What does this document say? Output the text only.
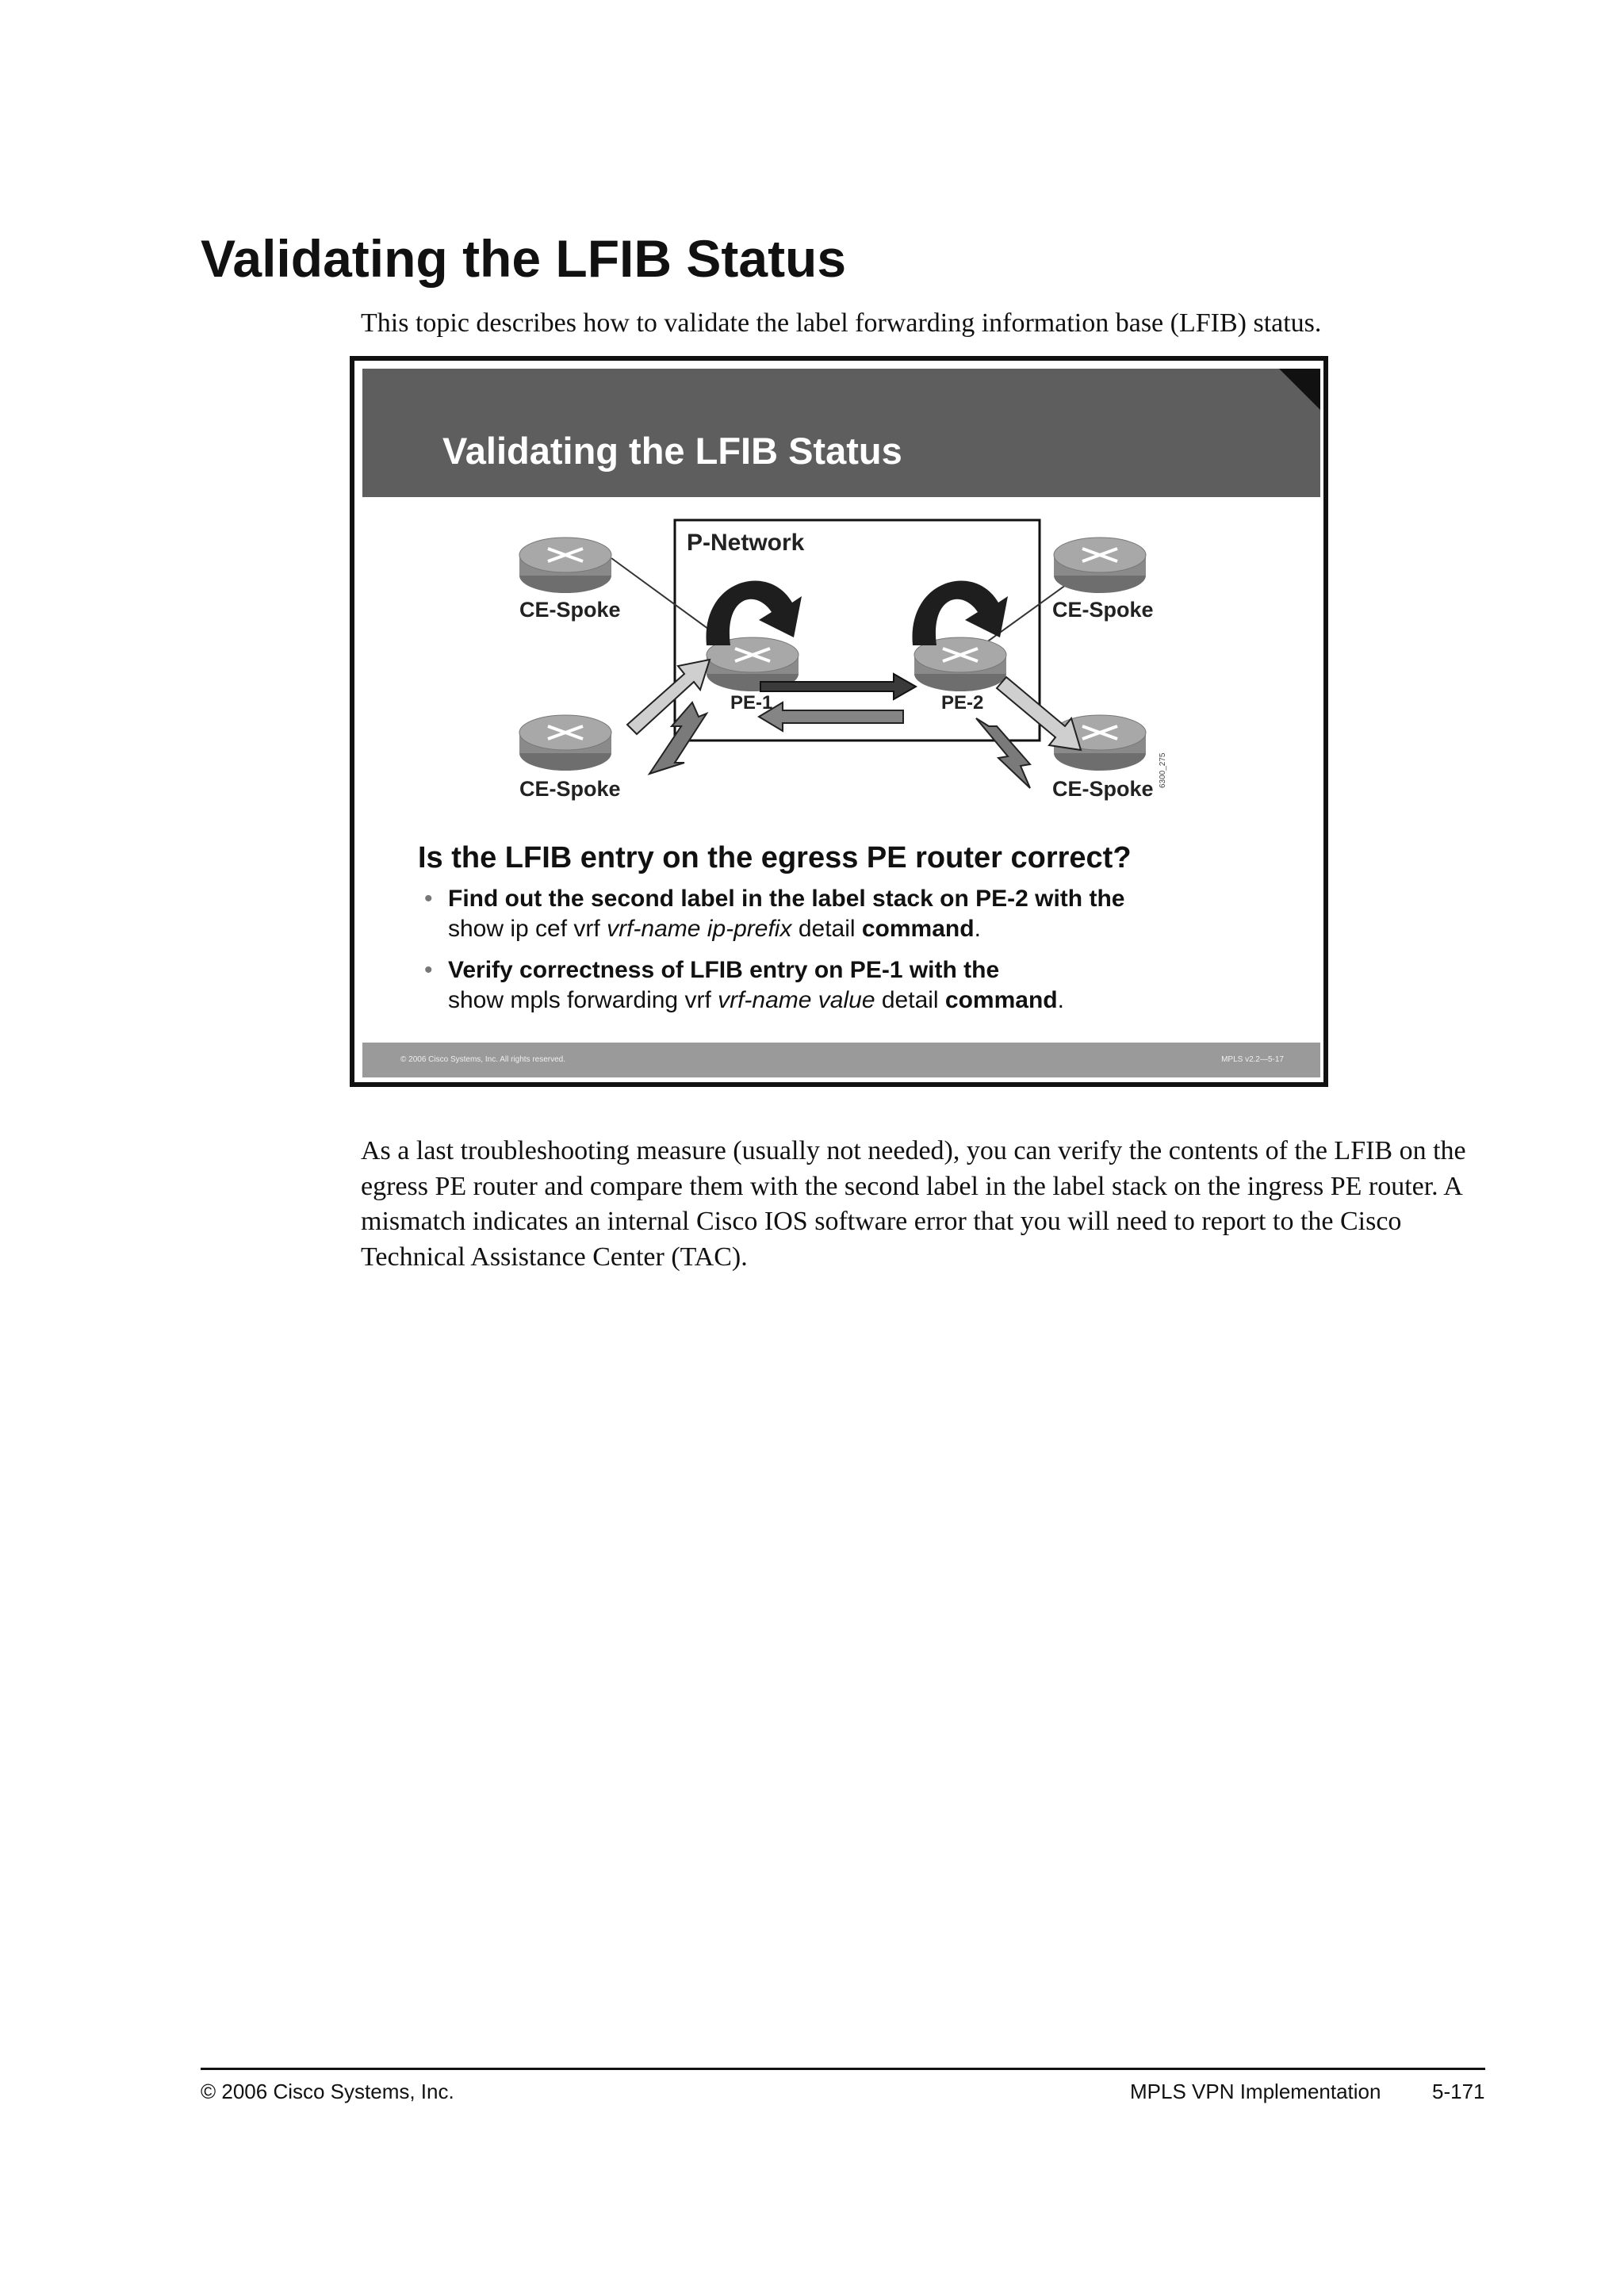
Validating the LFIB Status

This topic describes how to validate the label forwarding information base (LFIB) status.

Validating the LFIB Status
P-Network
CE-Spoke	CE-Spoke
CE-Spoke	CE-Spoke
PE-1	PE-2
6300_275
Is the LFIB entry on the egress PE router correct?
• Find out the second label in the label stack on PE-2 with the
show ip cef vrf vrf-name ip-prefix detail command.
• Verify correctness of LFIB entry on PE-1 with the
show mpls forwarding vrf vrf-name value detail command.
© 2006 Cisco Systems, Inc. All rights reserved.	MPLS v2.2—5-17

As a last troubleshooting measure (usually not needed), you can verify the contents of the LFIB on the egress PE router and compare them with the second label in the label stack on the ingress PE router. A mismatch indicates an internal Cisco IOS software error that you will need to report to the Cisco Technical Assistance Center (TAC).

© 2006 Cisco Systems, Inc.	MPLS VPN Implementation 5-171
